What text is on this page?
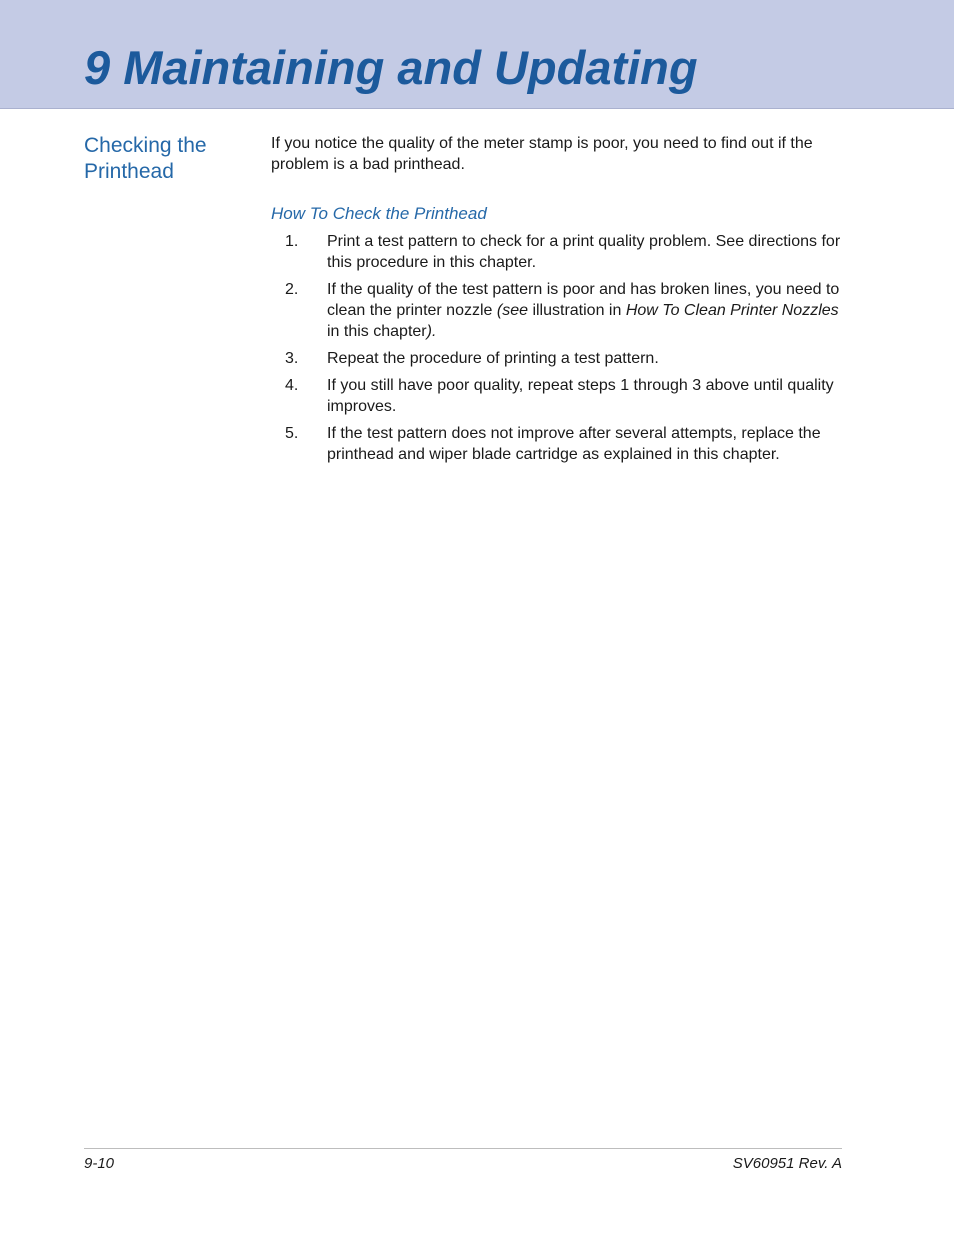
9 Maintaining and Updating
Checking the Printhead

If you notice the quality of the meter stamp is poor, you need to find out if the problem is a bad printhead.

How To Check the Printhead
1. Print a test pattern to check for a print quality problem. See directions for this procedure in this chapter.
2. If the quality of the test pattern is poor and has broken lines, you need to clean the printer nozzle (see illustration in How To Clean Printer Nozzles in this chapter).
3. Repeat the procedure of printing a test pattern.
4. If you still have poor quality, repeat steps 1 through 3 above until quality improves.
5. If the test pattern does not improve after several attempts, replace the printhead and wiper blade cartridge as explained in this chapter.
9-10	SV60951 Rev. A
